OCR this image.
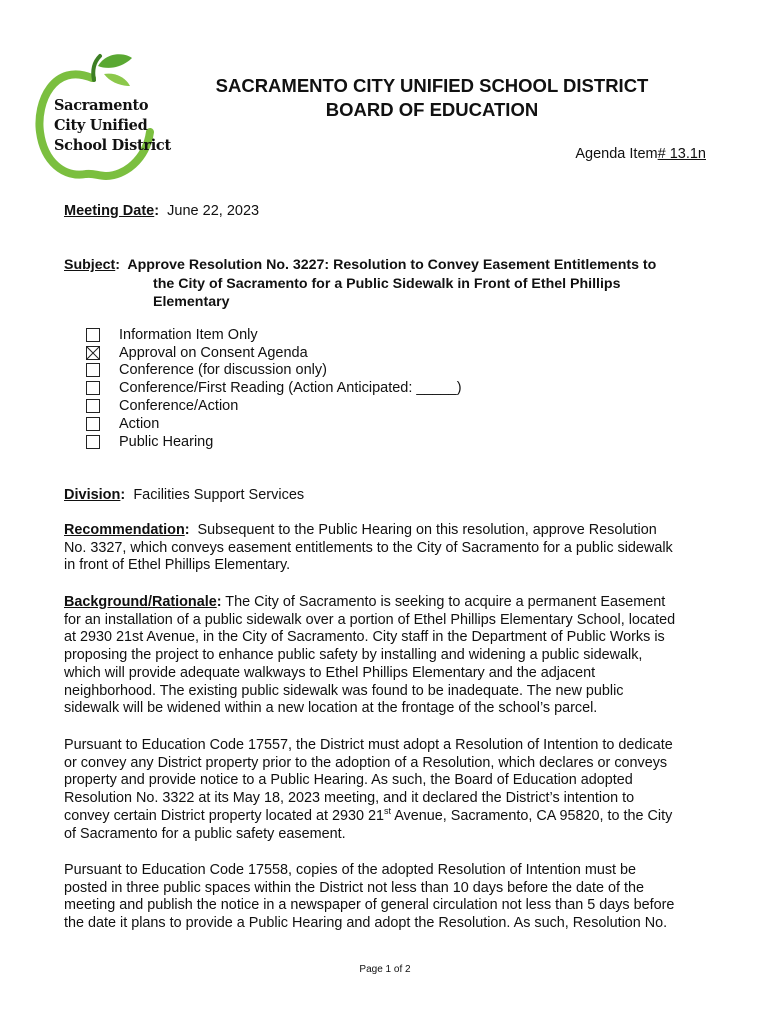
Sacramento
City Unified
School District
SACRAMENTO CITY UNIFIED SCHOOL DISTRICT
BOARD OF EDUCATION
Agenda Item# 13.1n
Meeting Date: June 22, 2023
Subject: Approve Resolution No. 3227: Resolution to Convey Easement Entitlements to
the City of Sacramento for a Public Sidewalk in Front of Ethel Phillips
Elementary
Information Item Only
Approval on Consent Agenda
Conference (for discussion only)
Conference/First Reading (Action Anticipated: _____)
Conference/Action
Action
Public Hearing
Division: Facilities Support Services
Recommendation: Subsequent to the Public Hearing on this resolution, approve Resolution
No. 3327, which conveys easement entitlements to the City of Sacramento for a public sidewalk
in front of Ethel Phillips Elementary.
Background/Rationale: The City of Sacramento is seeking to acquire a permanent Easement
for an installation of a public sidewalk over a portion of Ethel Phillips Elementary School, located
at 2930 21st Avenue, in the City of Sacramento. City staff in the Department of Public Works is
proposing the project to enhance public safety by installing and widening a public sidewalk,
which will provide adequate walkways to Ethel Phillips Elementary and the adjacent
neighborhood. The existing public sidewalk was found to be inadequate. The new public
sidewalk will be widened within a new location at the frontage of the school’s parcel.
Pursuant to Education Code 17557, the District must adopt a Resolution of Intention to dedicate
or convey any District property prior to the adoption of a Resolution, which declares or conveys
property and provide notice to a Public Hearing. As such, the Board of Education adopted
Resolution No. 3322 at its May 18, 2023 meeting, and it declared the District’s intention to
convey certain District property located at 2930 21st Avenue, Sacramento, CA 95820, to the City
of Sacramento for a public safety easement.
Pursuant to Education Code 17558, copies of the adopted Resolution of Intention must be
posted in three public spaces within the District not less than 10 days before the date of the
meeting and publish the notice in a newspaper of general circulation not less than 5 days before
the date it plans to provide a Public Hearing and adopt the Resolution. As such, Resolution No.
Page 1 of 2
